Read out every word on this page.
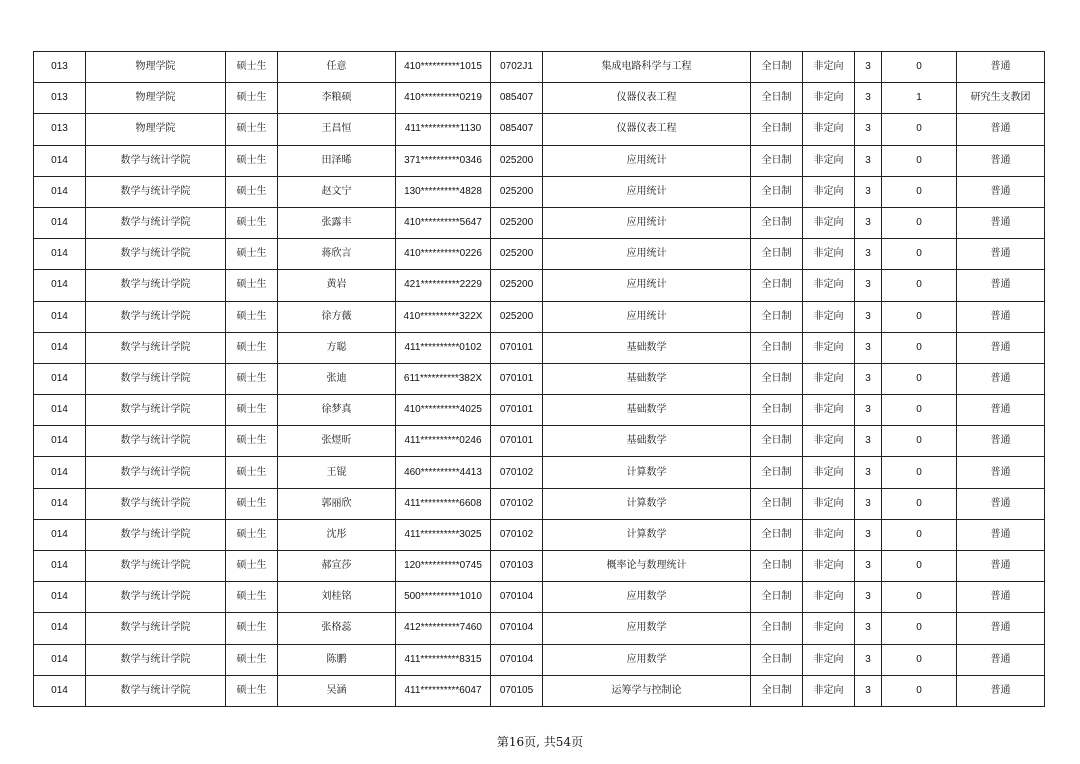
013	物理学院	硕士生	任意	410**********1015	0702J1	集成电路科学与工程	全日制	非定向	3	0	普通
013	物理学院	硕士生	李粮硕	410**********0219	085407	仪器仪表工程	全日制	非定向	3	1	研究生支教团
013	物理学院	硕士生	王昌恒	411**********1130	085407	仪器仪表工程	全日制	非定向	3	0	普通
014	数学与统计学院	硕士生	田泽晞	371**********0346	025200	应用统计	全日制	非定向	3	0	普通
014	数学与统计学院	硕士生	赵文宁	130**********4828	025200	应用统计	全日制	非定向	3	0	普通
014	数学与统计学院	硕士生	张露丰	410**********5647	025200	应用统计	全日制	非定向	3	0	普通
014	数学与统计学院	硕士生	蒋欣言	410**********0226	025200	应用统计	全日制	非定向	3	0	普通
014	数学与统计学院	硕士生	黄岩	421**********2229	025200	应用统计	全日制	非定向	3	0	普通
014	数学与统计学院	硕士生	徐方薇	410**********322X	025200	应用统计	全日制	非定向	3	0	普通
014	数学与统计学院	硕士生	方聪	411**********0102	070101	基础数学	全日制	非定向	3	0	普通
014	数学与统计学院	硕士生	张迪	611**********382X	070101	基础数学	全日制	非定向	3	0	普通
014	数学与统计学院	硕士生	徐梦真	410**********4025	070101	基础数学	全日制	非定向	3	0	普通
014	数学与统计学院	硕士生	张煜昕	411**********0246	070101	基础数学	全日制	非定向	3	0	普通
014	数学与统计学院	硕士生	王锟	460**********4413	070102	计算数学	全日制	非定向	3	0	普通
014	数学与统计学院	硕士生	郭丽欣	411**********6608	070102	计算数学	全日制	非定向	3	0	普通
014	数学与统计学院	硕士生	沈彤	411**********3025	070102	计算数学	全日制	非定向	3	0	普通
014	数学与统计学院	硕士生	郝宣莎	120**********0745	070103	概率论与数理统计	全日制	非定向	3	0	普通
014	数学与统计学院	硕士生	刘桂铭	500**********1010	070104	应用数学	全日制	非定向	3	0	普通
014	数学与统计学院	硕士生	张格蕊	412**********7460	070104	应用数学	全日制	非定向	3	0	普通
014	数学与统计学院	硕士生	陈鹏	411**********8315	070104	应用数学	全日制	非定向	3	0	普通
014	数学与统计学院	硕士生	吴涵	411**********6047	070105	运筹学与控制论	全日制	非定向	3	0	普通
第16页, 共54页
